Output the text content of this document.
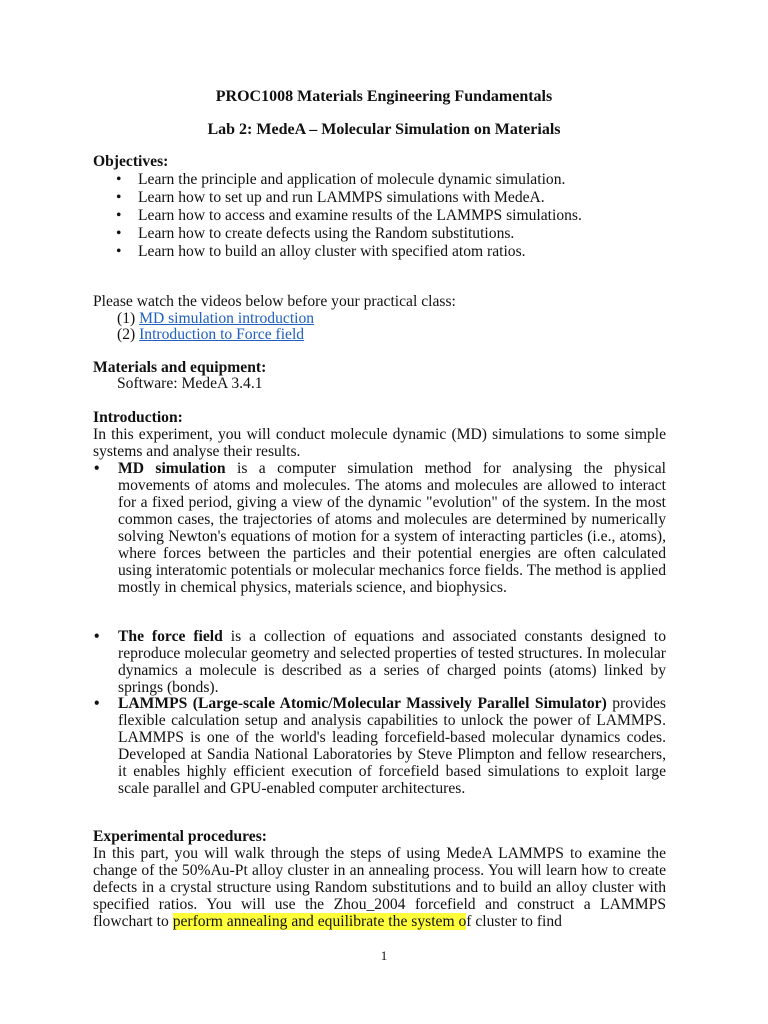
PROC1008 Materials Engineering Fundamentals
Lab 2: MedeA – Molecular Simulation on Materials
Objectives:
• Learn the principle and application of molecule dynamic simulation.
• Learn how to set up and run LAMMPS simulations with MedeA.
• Learn how to access and examine results of the LAMMPS simulations.
• Learn how to create defects using the Random substitutions.
• Learn how to build an alloy cluster with specified atom ratios.
Please watch the videos below before your practical class:
(1) MD simulation introduction
(2) Introduction to Force field
Materials and equipment:
Software: MedeA 3.4.1
Introduction:
In this experiment, you will conduct molecule dynamic (MD) simulations to some simple systems and analyse their results.
• MD simulation is a computer simulation method for analysing the physical movements of atoms and molecules. The atoms and molecules are allowed to interact for a fixed period, giving a view of the dynamic "evolution" of the system. In the most common cases, the trajectories of atoms and molecules are determined by numerically solving Newton's equations of motion for a system of interacting particles (i.e., atoms), where forces between the particles and their potential energies are often calculated using interatomic potentials or molecular mechanics force fields. The method is applied mostly in chemical physics, materials science, and biophysics.
• The force field is a collection of equations and associated constants designed to reproduce molecular geometry and selected properties of tested structures. In molecular dynamics a molecule is described as a series of charged points (atoms) linked by springs (bonds).
• LAMMPS (Large-scale Atomic/Molecular Massively Parallel Simulator) provides flexible calculation setup and analysis capabilities to unlock the power of LAMMPS. LAMMPS is one of the world's leading forcefield-based molecular dynamics codes. Developed at Sandia National Laboratories by Steve Plimpton and fellow researchers, it enables highly efficient execution of forcefield based simulations to exploit large scale parallel and GPU-enabled computer architectures.
Experimental procedures:
In this part, you will walk through the steps of using MedeA LAMMPS to examine the change of the 50%Au-Pt alloy cluster in an annealing process. You will learn how to create defects in a crystal structure using Random substitutions and to build an alloy cluster with specified ratios. You will use the Zhou_2004 forcefield and construct a LAMMPS flowchart to perform annealing and equilibrate the system of cluster to find
1
